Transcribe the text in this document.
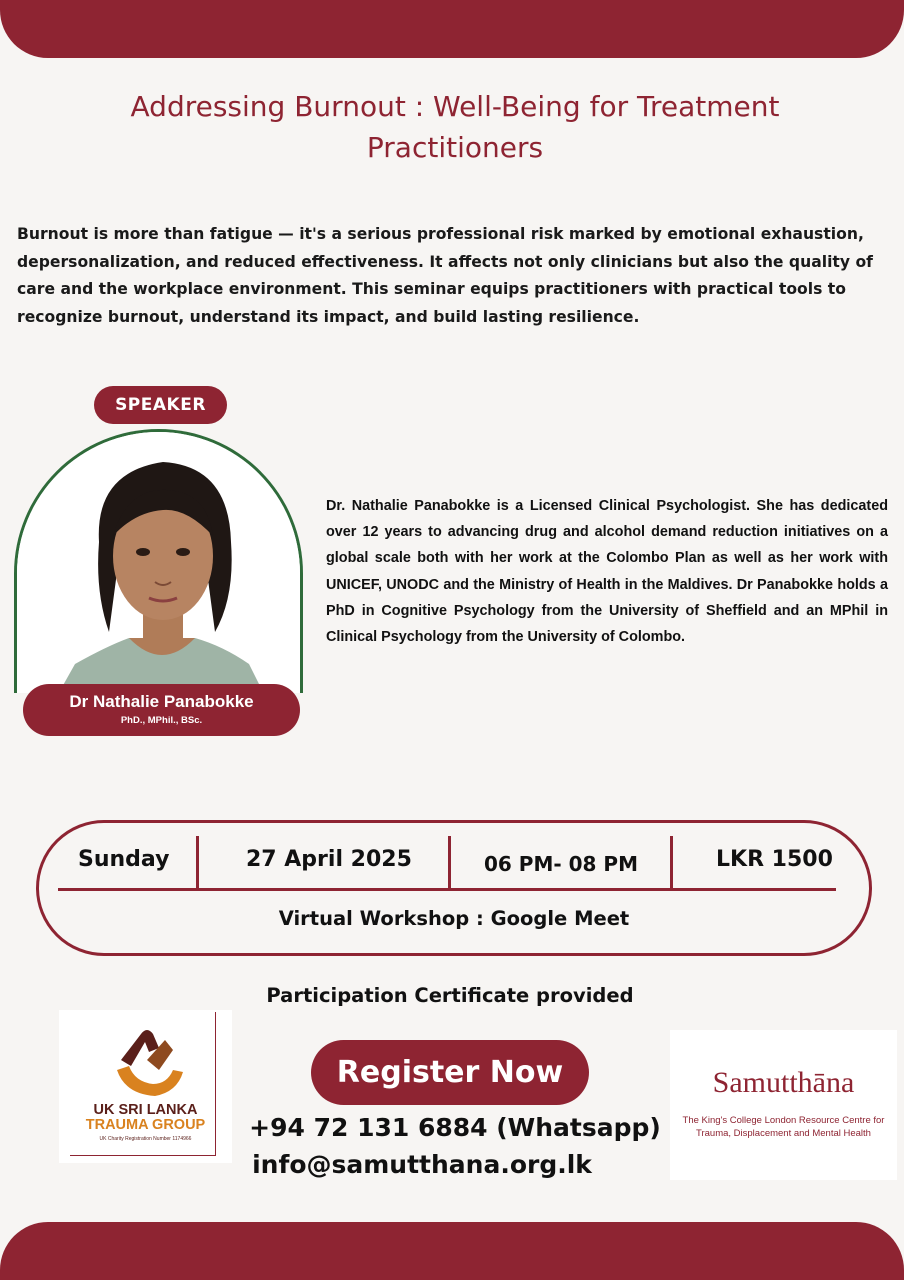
Addressing Burnout : Well-Being for Treatment Practitioners

Burnout is more than fatigue — it's a serious professional risk marked by emotional exhaustion, depersonalization, and reduced effectiveness. It affects not only clinicians but also the quality of care and the workplace environment. This seminar equips practitioners with practical tools to recognize burnout, understand its impact, and build lasting resilience.

SPEAKER
Dr Nathalie Panabokke
PhD., MPhil., BSc.

Dr. Nathalie Panabokke is a Licensed Clinical Psychologist. She has dedicated over 12 years to advancing drug and alcohol demand reduction initiatives on a global scale both with her work at the Colombo Plan as well as her work with UNICEF, UNODC and the Ministry of Health in the Maldives. Dr Panabokke holds a PhD in Cognitive Psychology from the University of Sheffield and an MPhil in Clinical Psychology from the University of Colombo.

Sunday	27 April 2025	06 PM- 08 PM	LKR 1500
Virtual Workshop : Google Meet
Participation Certificate provided
UK SRI LANKA
TRAUMA GROUP
UK Charity Registration Number 1174966
Register Now
+94 72 131 6884 (Whatsapp)
info@samutthana.org.lk
Samutthāna
The King's College London Resource Centre for Trauma, Displacement and Mental Health
